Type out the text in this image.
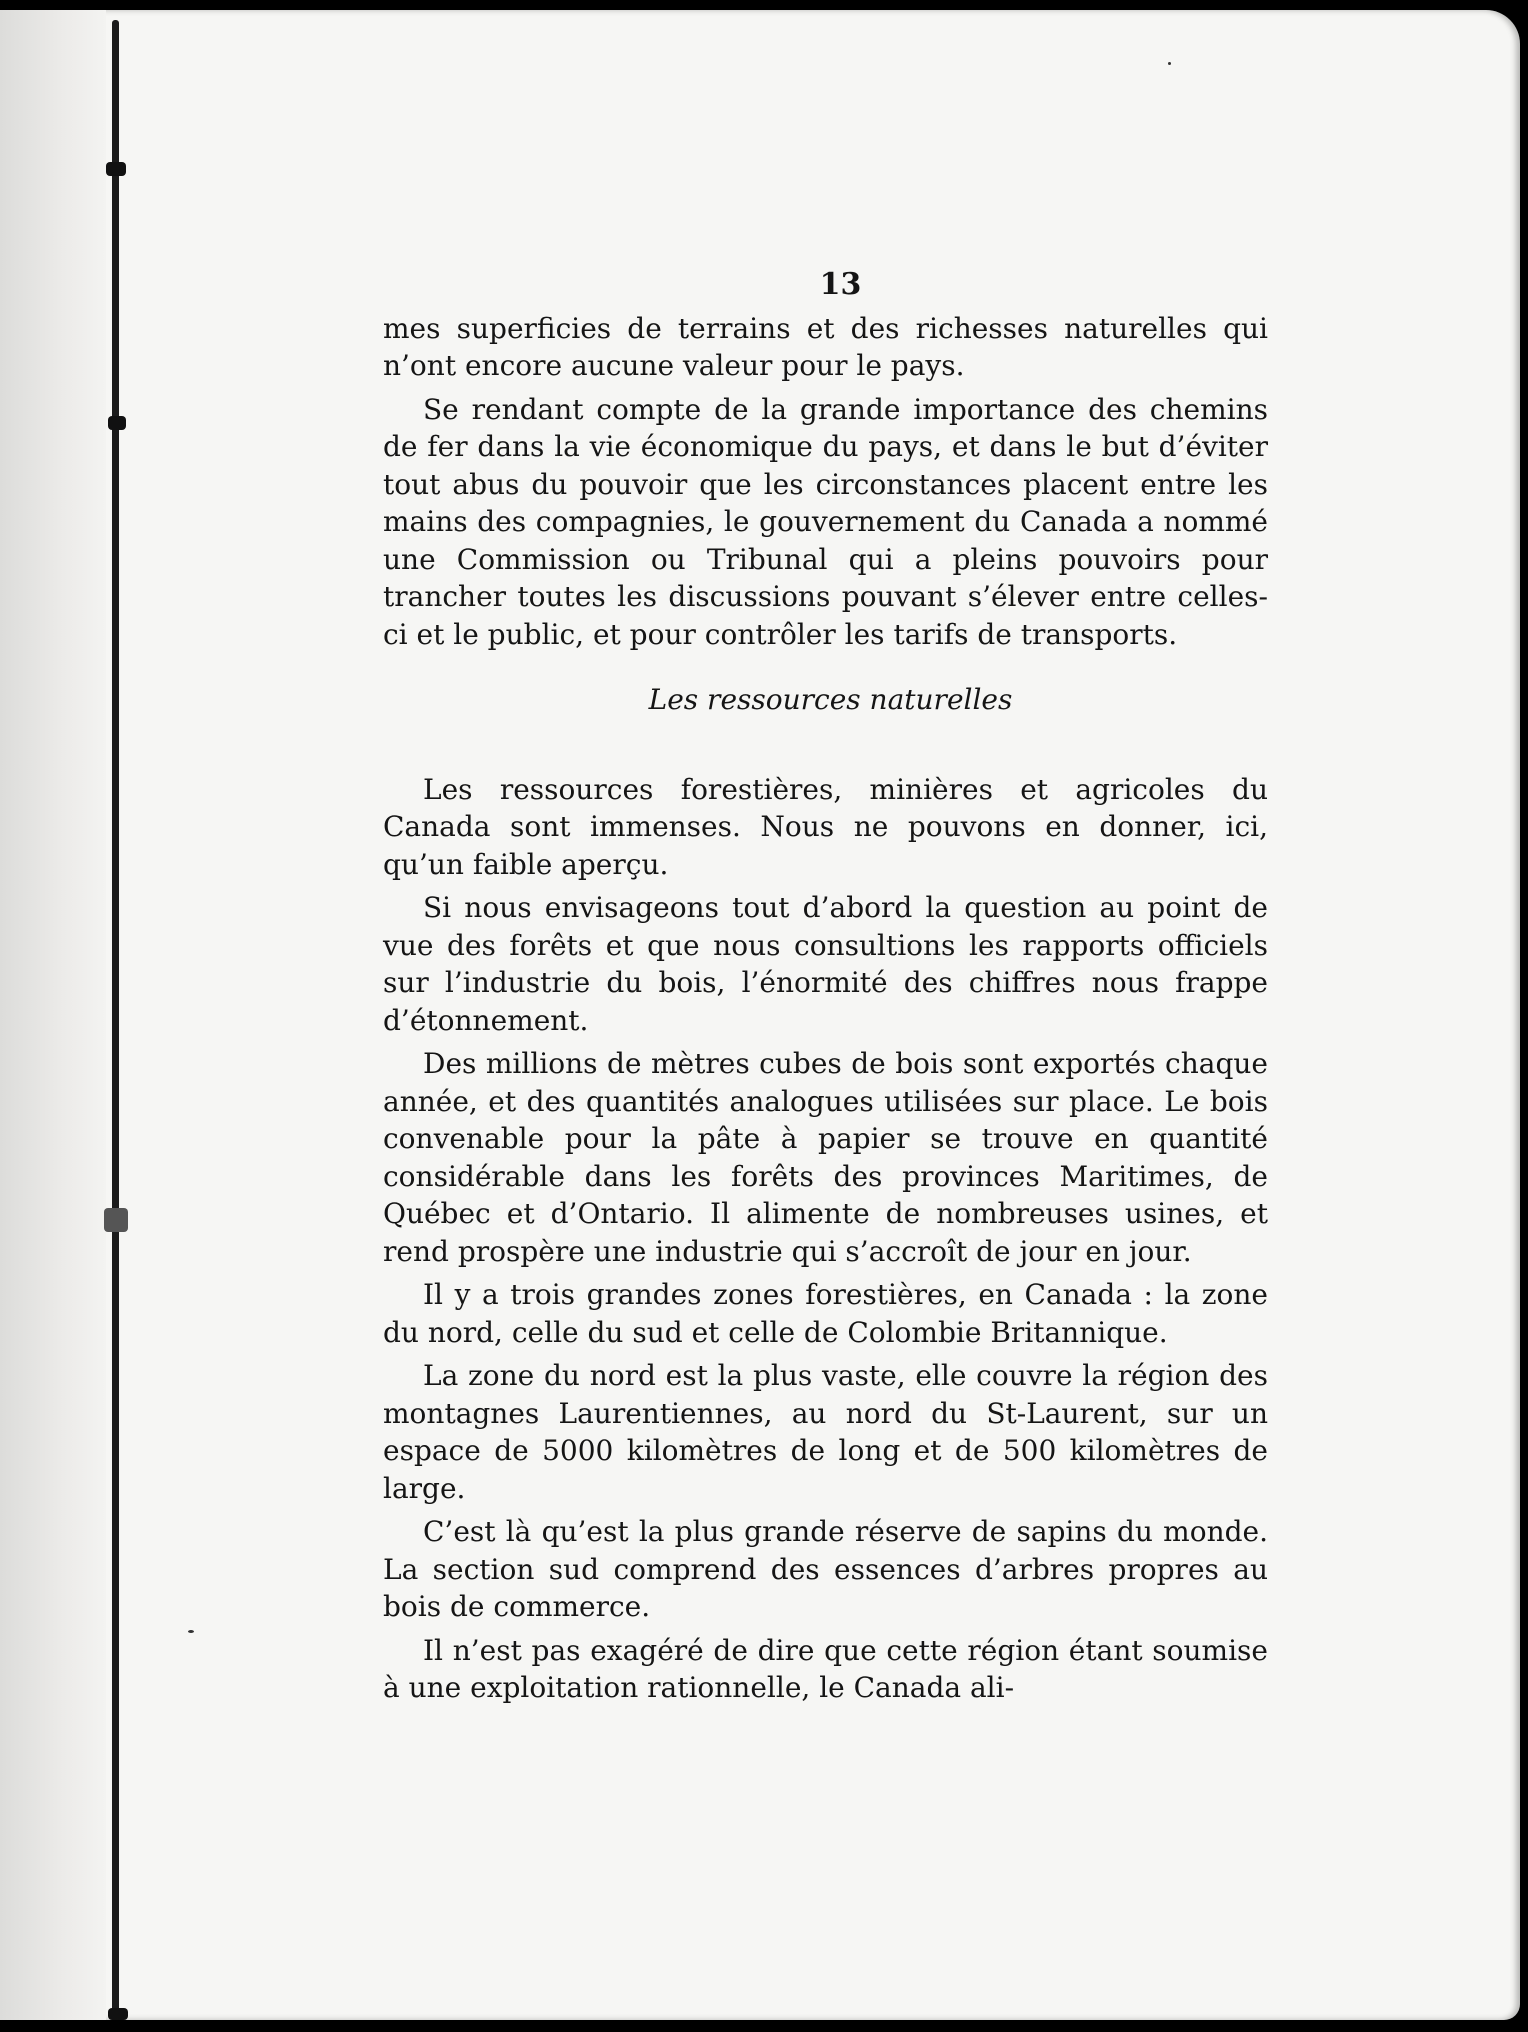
13

mes superficies de terrains et des richesses naturelles qui n’ont encore aucune valeur pour le pays.

Se rendant compte de la grande importance des chemins de fer dans la vie économique du pays, et dans le but d’éviter tout abus du pouvoir que les circonstances placent entre les mains des compagnies, le gouvernement du Canada a nommé une Commission ou Tribunal qui a pleins pouvoirs pour trancher toutes les discussions pouvant s’élever entre celles-ci et le public, et pour contrôler les tarifs de transports.

Les ressources naturelles

Les ressources forestières, minières et agricoles du Canada sont immenses. Nous ne pouvons en donner, ici, qu’un faible aperçu.

Si nous envisageons tout d’abord la question au point de vue des forêts et que nous consultions les rapports officiels sur l’industrie du bois, l’énormité des chiffres nous frappe d’étonnement.

Des millions de mètres cubes de bois sont exportés chaque année, et des quantités analogues utilisées sur place. Le bois convenable pour la pâte à papier se trouve en quantité considérable dans les forêts des provinces Maritimes, de Québec et d’Ontario. Il alimente de nombreuses usines, et rend prospère une industrie qui s’accroît de jour en jour.

Il y a trois grandes zones forestières, en Canada : la zone du nord, celle du sud et celle de Colombie Britannique.

La zone du nord est la plus vaste, elle couvre la région des montagnes Laurentiennes, au nord du St-Laurent, sur un espace de 5000 kilomètres de long et de 500 kilomètres de large.

C’est là qu’est la plus grande réserve de sapins du monde. La section sud comprend des essences d’arbres propres au bois de commerce.

Il n’est pas exagéré de dire que cette région étant soumise à une exploitation rationnelle, le Canada ali-
